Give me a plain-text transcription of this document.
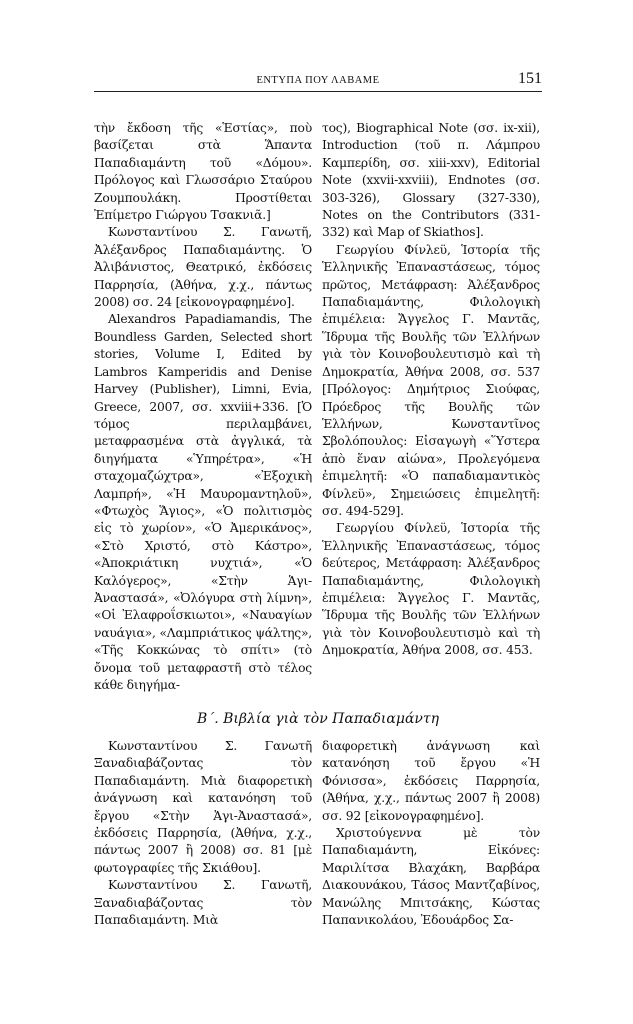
ΕΝΤΥΠΑ ΠΟΥ ΛΑΒΑΜΕ	151

τὴν ἔκδοση τῆς «Ἑστίας», ποὺ βασίζεται στὰ Ἅπαντα Παπαδιαμάντη τοῦ «Δόμου». Πρόλογος καὶ Γλωσσάριο Σταύρου Ζουμπουλάκη. Προστίθεται Ἐπίμετρο Γιώργου Τσακνιᾶ.]

Κωνσταντίνου Σ. Γανωτῆ, Ἀλέξανδρος Παπαδιαμάντης. Ὁ Ἀλιβάνιστος, Θεατρικό, ἐκδόσεις Παρρησία, (Ἀθήνα, χ.χ., πάντως 2008) σσ. 24 [εἰκονογραφημένο].

Alexandros Papadiamandis, The Boundless Garden, Selected short stories, Volume I, Edited by Lambros Kamperidis and Denise Harvey (Publisher), Limni, Evia, Greece, 2007, σσ. xxviii+336. [Ὁ τόμος περιλαμβάνει, μεταφρασμένα στὰ ἀγγλικά, τὰ διηγήματα «Ὑπηρέτρα», «Ἡ σταχομαζώχτρα», «Ἐξοχικὴ Λαμπρή», «Ἡ Μαυρομαντηλοῦ», «Φτωχὸς Ἅγιος», «Ὁ πολιτισμὸς εἰς τὸ χωρίον», «Ὁ Ἀμερικάνος», «Στὸ Χριστό, στὸ Κάστρο», «Ἀποκριάτικη νυχτιά», «Ὁ Καλόγερος», «Στὴν Ἁγι-Ἀναστασά», «Ὀλόγυρα στὴ λίμνη», «Οἱ Ἐλαφροΐσκιωτοι», «Ναυαγίων ναυάγια», «Λαμπριάτικος ψάλτης», «Τῆς Κοκκώνας τὸ σπίτι» (τὸ ὄνομα τοῦ μεταφραστῆ στὸ τέλος κάθε διηγήμα-

τος), Biographical Note (σσ. ix-xii), Introduction (τοῦ π. Λάμπρου Καμπερίδη, σσ. xiii-xxv), Editorial Note (xxvii-xxviii), Endnotes (σσ. 303-326), Glossary (327-330), Notes on the Contributors (331-332) καὶ Map of Skiathos].

Γεωργίου Φίνλεϋ, Ἱστορία τῆς Ἑλληνικῆς Ἐπαναστάσεως, τόμος πρῶτος, Μετάφραση: Ἀλέξανδρος Παπαδιαμάντης, Φιλολογικὴ ἐπιμέλεια: Ἄγγελος Γ. Μαντᾶς, Ἵδρυμα τῆς Βουλῆς τῶν Ἑλλήνων γιὰ τὸν Κοινοβουλευτισμὸ καὶ τὴ Δημοκρατία, Ἀθήνα 2008, σσ. 537 [Πρόλογος: Δημήτριος Σιούφας, Πρόεδρος τῆς Βουλῆς τῶν Ἑλλήνων, Κωνσταντῖνος Σβολόπουλος: Εἰσαγωγὴ «Ὕστερα ἀπὸ ἕναν αἰώνα», Προλεγόμενα ἐπιμελητῆ: «Ὁ παπαδιαμαντικὸς Φίνλεϋ», Σημειώσεις ἐπιμελητῆ: σσ. 494-529].

Γεωργίου Φίνλεϋ, Ἱστορία τῆς Ἑλληνικῆς Ἐπαναστάσεως, τόμος δεύτερος, Μετάφραση: Ἀλέξανδρος Παπαδιαμάντης, Φιλολογικὴ ἐπιμέλεια: Ἄγγελος Γ. Μαντᾶς, Ἵδρυμα τῆς Βουλῆς τῶν Ἑλλήνων γιὰ τὸν Κοινοβουλευτισμὸ καὶ τὴ Δημοκρατία, Ἀθήνα 2008, σσ. 453.

Β΄. Βιβλία γιὰ τὸν Παπαδιαμάντη

Κωνσταντίνου Σ. Γανωτῆ Ξαναδιαβάζοντας τὸν Παπαδιαμάντη. Μιὰ διαφορετικὴ ἀνάγνωση καὶ κατανόηση τοῦ ἔργου «Στὴν Ἁγι-Ἀναστασά», ἐκδόσεις Παρρησία, (Ἀθήνα, χ.χ., πάντως 2007 ἢ 2008) σσ. 81 [μὲ φωτογραφίες τῆς Σκιάθου].

Κωνσταντίνου Σ. Γανωτῆ, Ξαναδιαβάζοντας τὸν Παπαδιαμάντη. Μιὰ

διαφορετικὴ ἀνάγνωση καὶ κατανόηση τοῦ ἔργου «Ἡ Φόνισσα», ἐκδόσεις Παρρησία, (Ἀθήνα, χ.χ., πάντως 2007 ἢ 2008) σσ. 92 [εἰκονογραφημένο].

Χριστούγεννα μὲ τὸν Παπαδιαμάντη, Εἰκόνες: Μαριλίτσα Βλαχάκη, Βαρβάρα Διακουνάκου, Τάσος Μαντζαβίνος, Μανώλης Μπιτσάκης, Κώστας Παπανικολάου, Ἐδουάρδος Σα-
